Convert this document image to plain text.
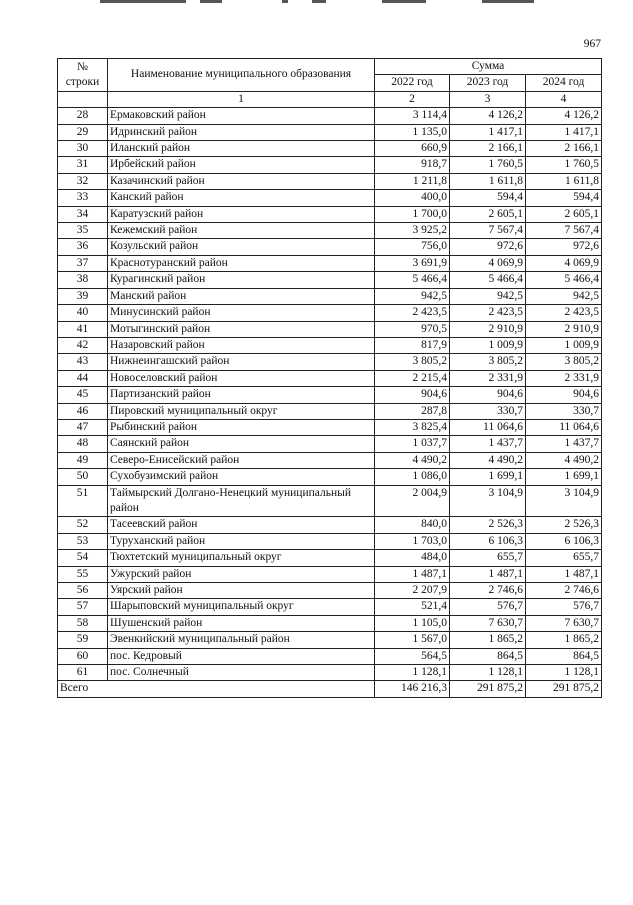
967
№ строки	Наименование муниципального образования	Сумма		
		2022 год	2023 год	2024 год
	1	2	3	4
28	Ермаковский район	3 114,4	4 126,2	4 126,2
29	Идринский район	1 135,0	1 417,1	1 417,1
30	Иланский район	660,9	2 166,1	2 166,1
31	Ирбейский район	918,7	1 760,5	1 760,5
32	Казачинский район	1 211,8	1 611,8	1 611,8
33	Канский район	400,0	594,4	594,4
34	Каратузский район	1 700,0	2 605,1	2 605,1
35	Кежемский район	3 925,2	7 567,4	7 567,4
36	Козульский район	756,0	972,6	972,6
37	Краснотуранский район	3 691,9	4 069,9	4 069,9
38	Курагинский район	5 466,4	5 466,4	5 466,4
39	Манский район	942,5	942,5	942,5
40	Минусинский район	2 423,5	2 423,5	2 423,5
41	Мотыгинский район	970,5	2 910,9	2 910,9
42	Назаровский район	817,9	1 009,9	1 009,9
43	Нижнеингашский район	3 805,2	3 805,2	3 805,2
44	Новоселовский район	2 215,4	2 331,9	2 331,9
45	Партизанский район	904,6	904,6	904,6
46	Пировский муниципальный округ	287,8	330,7	330,7
47	Рыбинский район	3 825,4	11 064,6	11 064,6
48	Саянский район	1 037,7	1 437,7	1 437,7
49	Северо-Енисейский район	4 490,2	4 490,2	4 490,2
50	Сухобузимский район	1 086,0	1 699,1	1 699,1
51	Таймырский Долгано-Ненецкий муниципальный район	2 004,9	3 104,9	3 104,9
52	Тасеевский район	840,0	2 526,3	2 526,3
53	Туруханский район	1 703,0	6 106,3	6 106,3
54	Тюхтетский муниципальный округ	484,0	655,7	655,7
55	Ужурский район	1 487,1	1 487,1	1 487,1
56	Уярский район	2 207,9	2 746,6	2 746,6
57	Шарыповский муниципальный округ	521,4	576,7	576,7
58	Шушенский район	1 105,0	7 630,7	7 630,7
59	Эвенкийский муниципальный район	1 567,0	1 865,2	1 865,2
60	пос. Кедровый	564,5	864,5	864,5
61	пос. Солнечный	1 128,1	1 128,1	1 128,1
Всего		146 216,3	291 875,2	291 875,2
